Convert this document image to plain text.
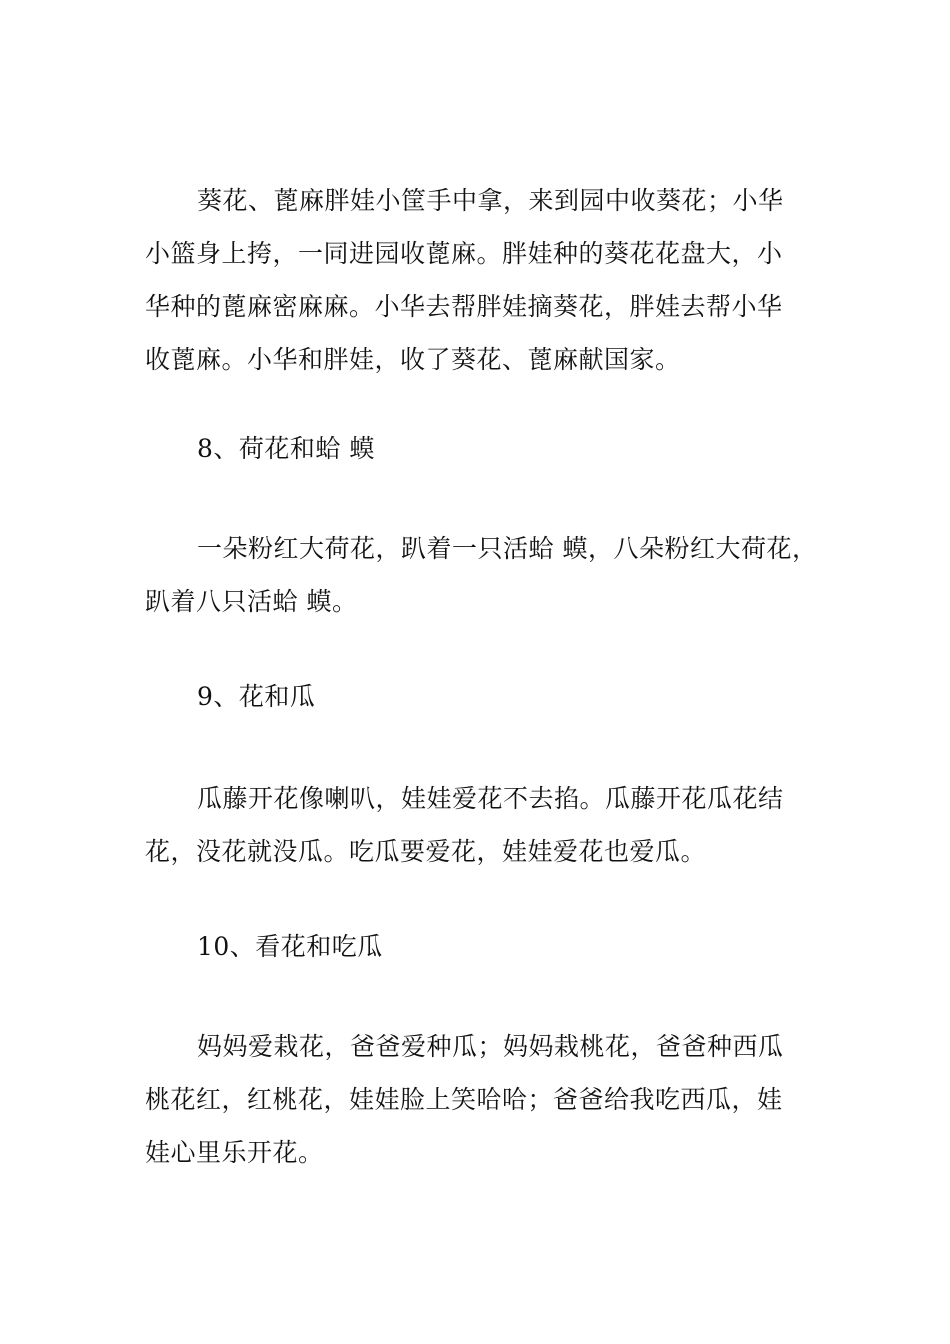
葵花、蓖麻胖娃小筐手中拿，来到园中收葵花；小华
小篮身上挎，一同进园收蓖麻。胖娃种的葵花花盘大，小
华种的蓖麻密麻麻。小华去帮胖娃摘葵花，胖娃去帮小华
收蓖麻。小华和胖娃，收了葵花、蓖麻献国家。
8、荷花和蛤 蟆
一朵粉红大荷花，趴着一只活蛤 蟆，八朵粉红大荷花，
趴着八只活蛤 蟆。
9、花和瓜
瓜藤开花像喇叭，娃娃爱花不去掐。瓜藤开花瓜花结
花，没花就没瓜。吃瓜要爱花，娃娃爱花也爱瓜。
10、看花和吃瓜
妈妈爱栽花，爸爸爱种瓜；妈妈栽桃花，爸爸种西瓜
桃花红，红桃花，娃娃脸上笑哈哈；爸爸给我吃西瓜，娃
娃心里乐开花。
